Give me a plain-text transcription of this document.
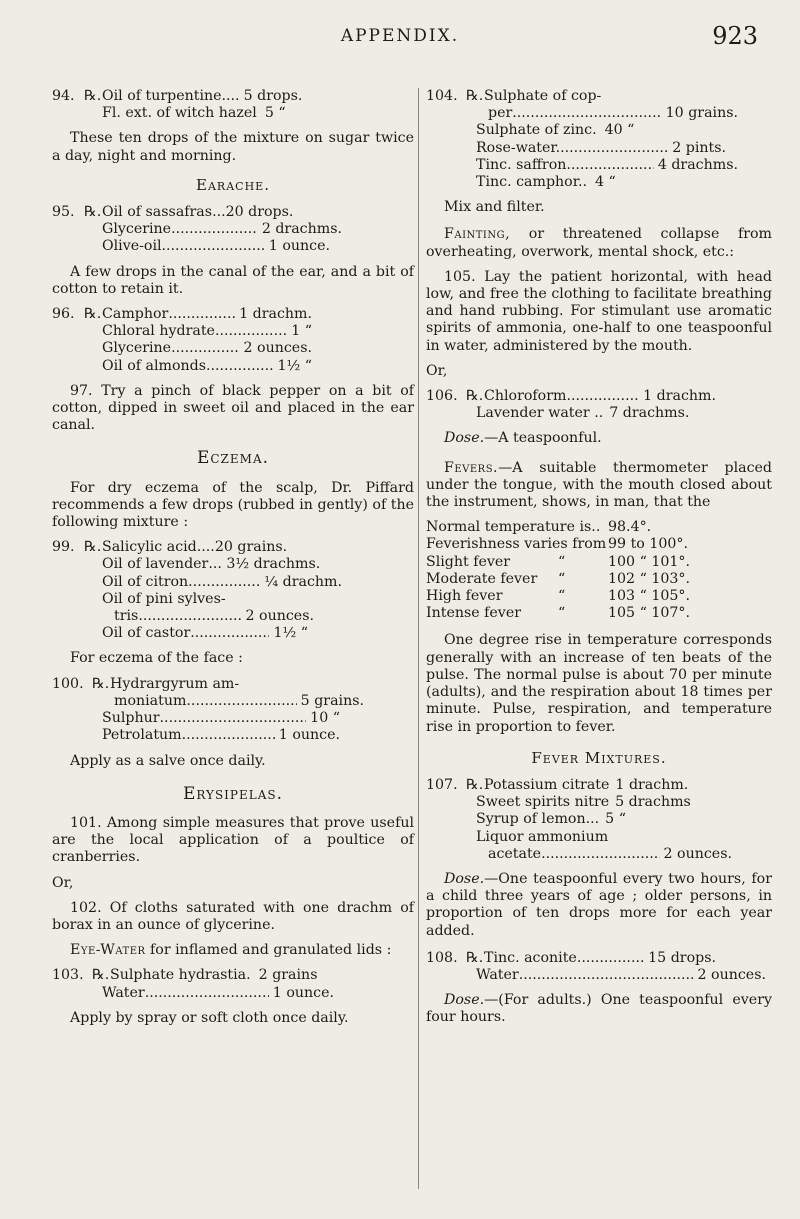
APPENDIX.	923
94. ℞. Oil of turpentine .... 5 drops.
Fl. ext. of witch hazel 5 “

These ten drops of the mixture on sugar twice a day, night and morning.

Earache.
95. ℞. Oil of sassafras ...20 drops.
Glycerine .....	2 drachms.
Olive-oil .....	1 ounce.

A few drops in the canal of the ear, and a bit of cotton to retain it.

96. ℞. Camphor .....	1 drachm.
Chloral hydrate .....	1 “
Glycerine .....	2 ounces.
Oil of almonds .....	1½ “

97. Try a pinch of black pepper on a bit of cotton, dipped in sweet oil and placed in the ear canal.

Eczema.

For dry eczema of the scalp, Dr. Piffard recommends a few drops (rubbed in gently) of the following mixture :

99. ℞. Salicylic acid ....20 grains.
Oil of lavender ... 3½ drachms.
Oil of citron .....	¼ drachm.
Oil of pini sylves-
tris .....	2 ounces.
Oil of castor .....	1½ “

For eczema of the face :

100. ℞. Hydrargyrum am-
moniatum .....	5 grains.
Sulphur .....	10 “
Petrolatum .....	1 ounce.

Apply as a salve once daily.

Erysipelas.

101. Among simple measures that prove useful are the local application of a poultice of cranberries.

Or,

102. Of cloths saturated with one drachm of borax in an ounce of glycerine.

Eye-Water for inflamed and granulated lids :

103. ℞. Sulphate hydrastia. 2 grains
Water .....	1 ounce.

Apply by spray or soft cloth once daily.

104. ℞. Sulphate of cop-
per .....	10 grains.
Sulphate of zinc. 40 “
Rose-water. .....	2 pints.
Tinc. saffron .....	4 drachms.
Tinc. camphor.. 4 “

Mix and filter.

Fainting, or threatened collapse from overheating, overwork, mental shock, etc.:

105. Lay the patient horizontal, with head low, and free the clothing to facilitate breathing and hand rubbing. For stimulant use aromatic spirits of ammonia, one-half to one teaspoonful in water, administered by the mouth.

Or,

106. ℞. Chloroform .....	1 drachm.
Lavender water .. 7 drachms.

Dose.—A teaspoonful.

Fevers.—A suitable thermometer placed under the tongue, with the mouth closed about the instrument, shows, in man, that the

Normal temperature is.. 98.4°.
Feverishness varies from 99 to 100°.
Slight fever	“	100 “ 101°.
Moderate fever	“	102 “ 103°.
High fever	“	103 “ 105°.
Intense fever	“	105 “ 107°.

One degree rise in temperature corresponds generally with an increase of ten beats of the pulse. The normal pulse is about 70 per minute (adults), and the respiration about 18 times per minute. Pulse, respiration, and temperature rise in proportion to fever.

Fever Mixtures.
107. ℞. Potassium citrate 1 drachm.
Sweet spirits nitre 5 drachms
Syrup of lemon... 5 “
Liquor ammonium
acetate .....	2 ounces.

Dose.—One teaspoonful every two hours, for a child three years of age ; older persons, in proportion of ten drops more for each year added.

108. ℞. Tinc. aconite .....	15 drops.
Water .....	2 ounces.

Dose.—(For adults.) One teaspoonful every four hours.
